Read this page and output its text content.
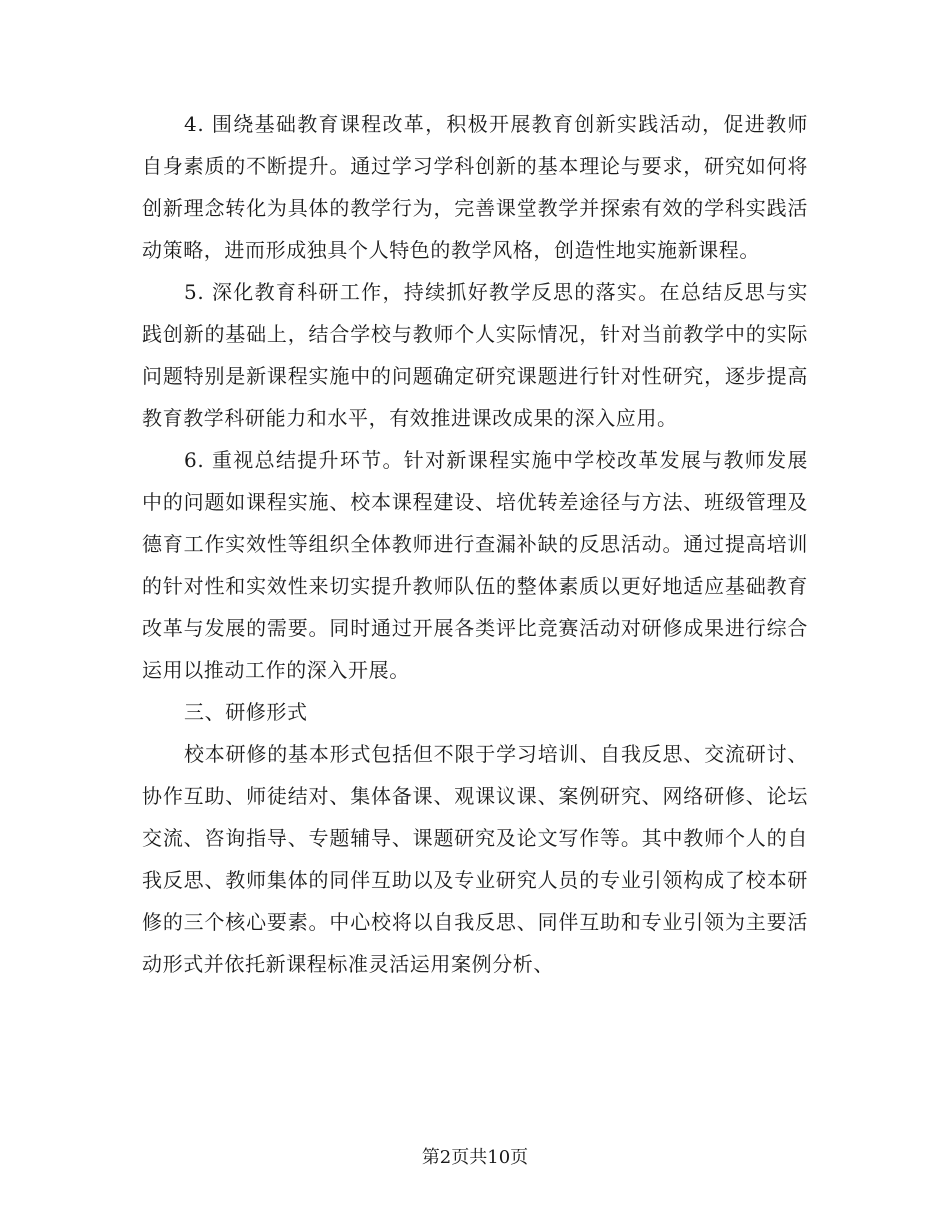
4. 围绕基础教育课程改革，积极开展教育创新实践活动，促进教师自身素质的不断提升。通过学习学科创新的基本理论与要求，研究如何将创新理念转化为具体的教学行为，完善课堂教学并探索有效的学科实践活动策略，进而形成独具个人特色的教学风格，创造性地实施新课程。

5. 深化教育科研工作，持续抓好教学反思的落实。在总结反思与实践创新的基础上，结合学校与教师个人实际情况，针对当前教学中的实际问题特别是新课程实施中的问题确定研究课题进行针对性研究，逐步提高教育教学科研能力和水平，有效推进课改成果的深入应用。

6. 重视总结提升环节。针对新课程实施中学校改革发展与教师发展中的问题如课程实施、校本课程建设、培优转差途径与方法、班级管理及德育工作实效性等组织全体教师进行查漏补缺的反思活动。通过提高培训的针对性和实效性来切实提升教师队伍的整体素质以更好地适应基础教育改革与发展的需要。同时通过开展各类评比竞赛活动对研修成果进行综合运用以推动工作的深入开展。

三、研修形式

校本研修的基本形式包括但不限于学习培训、自我反思、交流研讨、协作互助、师徒结对、集体备课、观课议课、案例研究、网络研修、论坛交流、咨询指导、专题辅导、课题研究及论文写作等。其中教师个人的自我反思、教师集体的同伴互助以及专业研究人员的专业引领构成了校本研修的三个核心要素。中心校将以自我反思、同伴互助和专业引领为主要活动形式并依托新课程标准灵活运用案例分析、

第2页共10页
